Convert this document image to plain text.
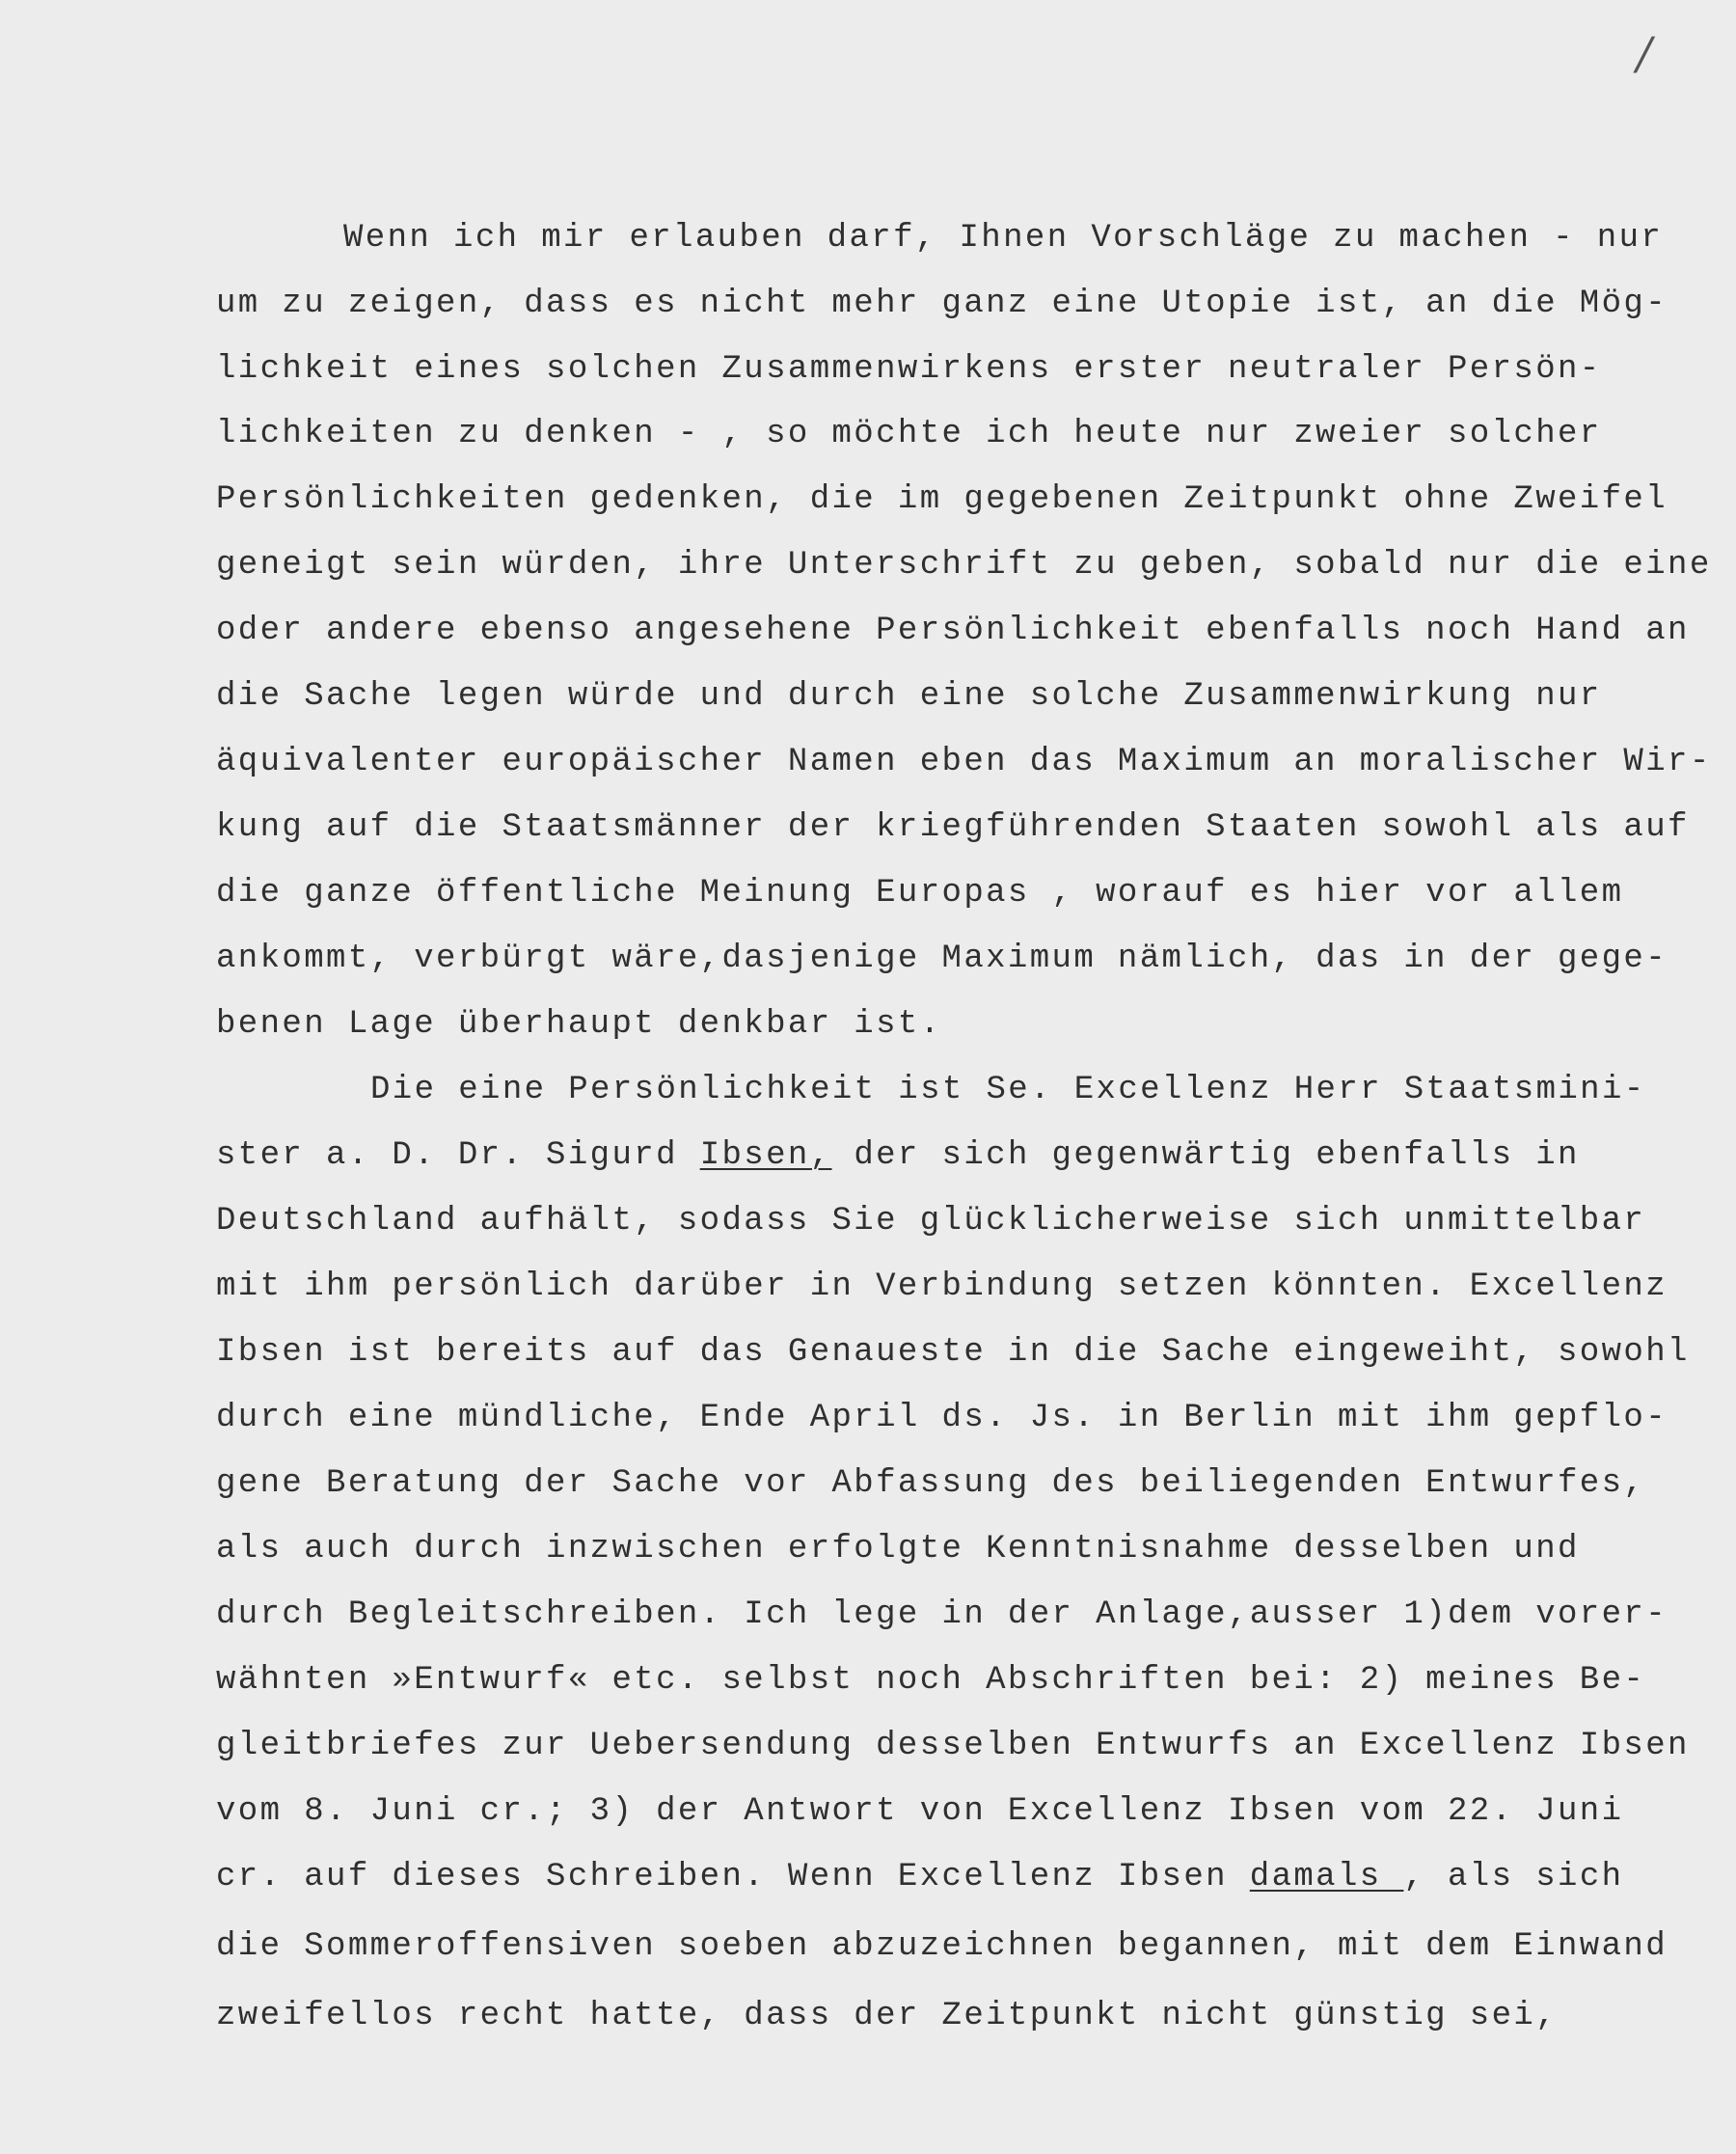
/
Wenn ich mir erlauben darf, Ihnen Vorschläge zu machen - nur
um zu zeigen, dass es nicht mehr ganz eine Utopie ist, an die Mög-
lichkeit eines solchen Zusammenwirkens erster neutraler Persön-
lichkeiten zu denken - , so möchte ich heute nur zweier solcher
Persönlichkeiten gedenken, die im gegebenen Zeitpunkt ohne Zweifel
geneigt sein würden, ihre Unterschrift zu geben, sobald nur die eine
oder andere ebenso angesehene Persönlichkeit ebenfalls noch Hand an
die Sache legen würde und durch eine solche Zusammenwirkung nur
äquivalenter europäischer Namen eben das Maximum an moralischer Wir-
kung auf die Staatsmänner der kriegführenden Staaten sowohl als auf
die ganze öffentliche Meinung Europas , worauf es hier vor allem
ankommt, verbürgt wäre,dasjenige Maximum nämlich, das in der gege-
benen Lage überhaupt denkbar ist.
Die eine Persönlichkeit ist Se. Excellenz Herr Staatsmini-
ster a. D. Dr. Sigurd Ibsen, der sich gegenwärtig ebenfalls in
Deutschland aufhält, sodass Sie glücklicherweise sich unmittelbar
mit ihm persönlich darüber in Verbindung setzen könnten. Excellenz
Ibsen ist bereits auf das Genaueste in die Sache eingeweiht, sowohl
durch eine mündliche, Ende April ds. Js. in Berlin mit ihm gepflo-
gene Beratung der Sache vor Abfassung des beiliegenden Entwurfes,
als auch durch inzwischen erfolgte Kenntnisnahme desselben und
durch Begleitschreiben. Ich lege in der Anlage,ausser 1)dem vorer-
wähnten »Entwurf« etc. selbst noch Abschriften bei: 2) meines Be-
gleitbriefes zur Uebersendung desselben Entwurfs an Excellenz Ibsen
vom 8. Juni cr.; 3) der Antwort von Excellenz Ibsen vom 22. Juni
cr. auf dieses Schreiben. Wenn Excellenz Ibsen damals , als sich
die Sommeroffensiven soeben abzuzeichnen begannen, mit dem Einwand
zweifellos recht hatte, dass der Zeitpunkt nicht günstig sei,
